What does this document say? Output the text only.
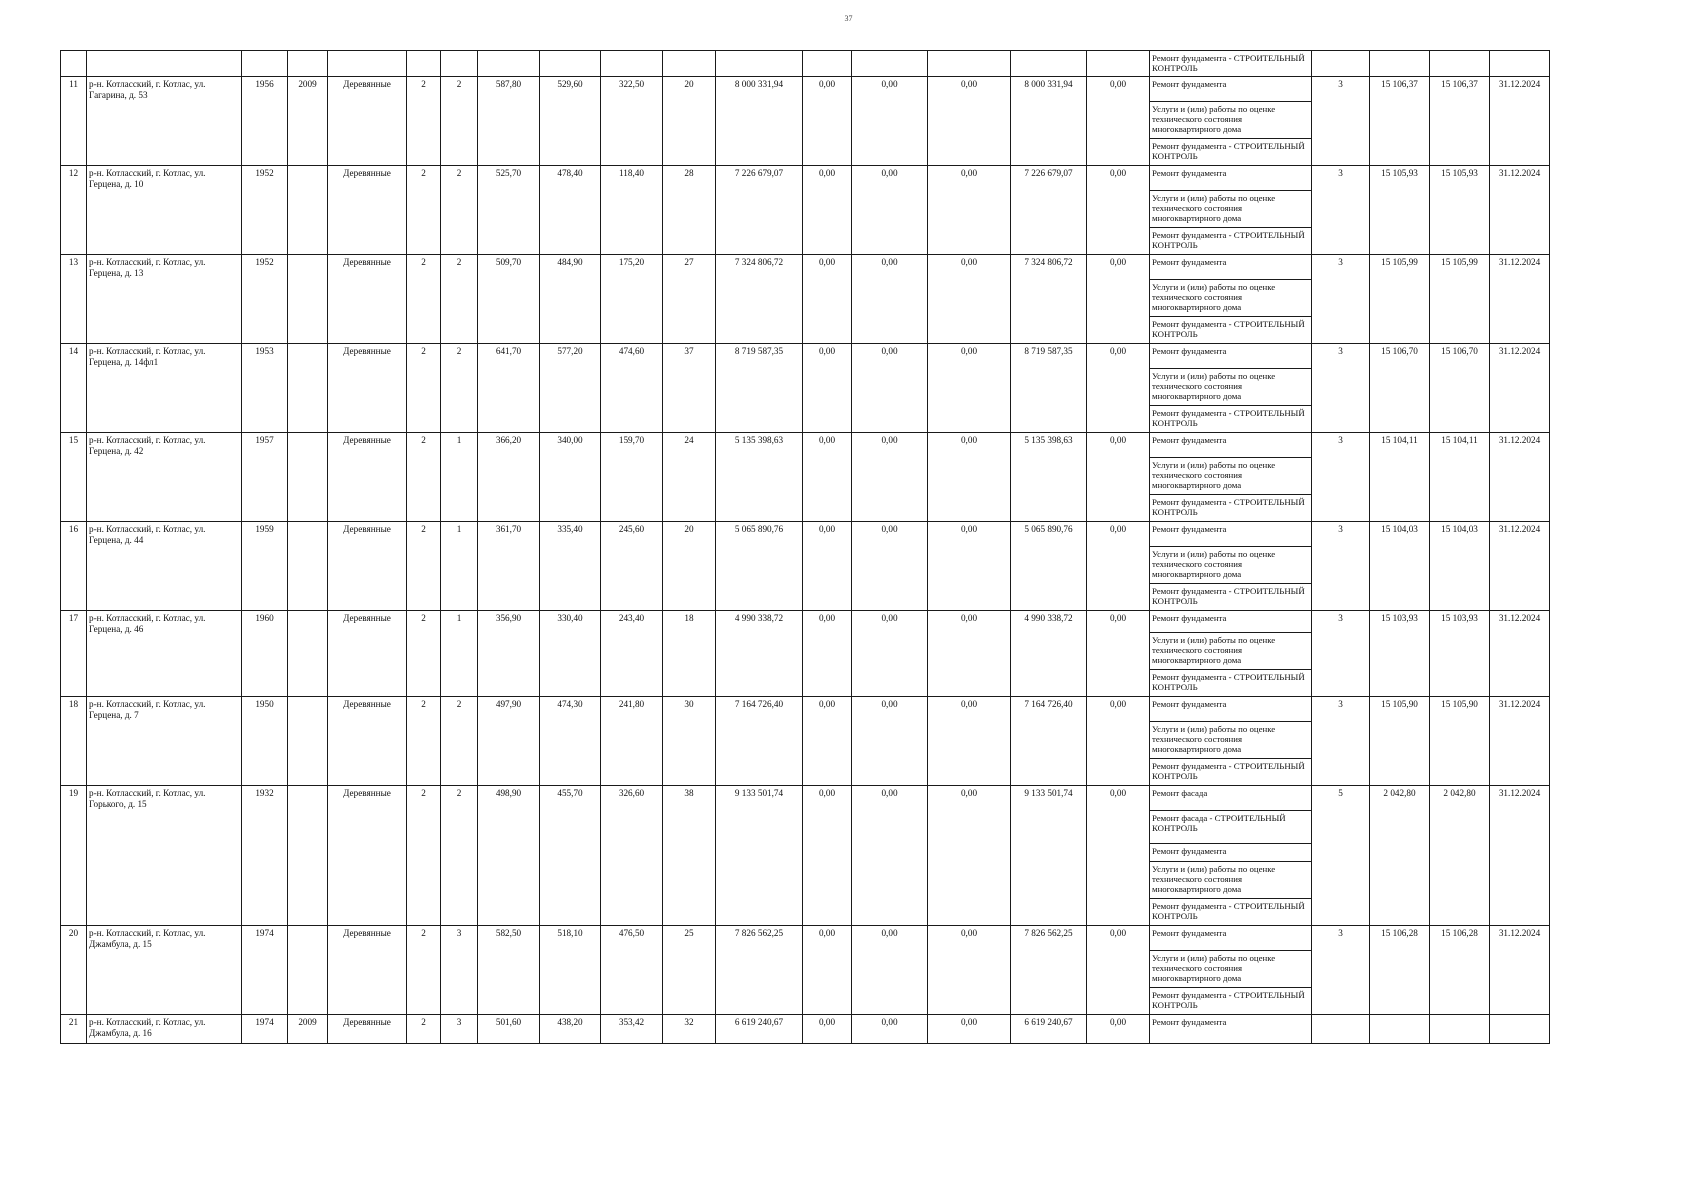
37
																	Ремонт фундамента - СТРОИТЕЛЬНЫЙ КОНТРОЛЬ				
11	р-н. Котласский, г. Котлас, ул. Гагарина, д. 53	1956	2009	Деревянные	2	2	587,80	529,60	322,50	20	8 000 331,94	0,00	0,00	0,00	8 000 331,94	0,00	Ремонт фундамента	3	15 106,37	15 106,37	31.12.2024
																	Услуги и (или) работы по оценке технического состояния многоквартирного дома				
																	Ремонт фундамента - СТРОИТЕЛЬНЫЙ КОНТРОЛЬ				
12	р-н. Котласский, г. Котлас, ул. Герцена, д. 10	1952		Деревянные	2	2	525,70	478,40	118,40	28	7 226 679,07	0,00	0,00	0,00	7 226 679,07	0,00	Ремонт фундамента	3	15 105,93	15 105,93	31.12.2024
																	Услуги и (или) работы по оценке технического состояния многоквартирного дома				
																	Ремонт фундамента - СТРОИТЕЛЬНЫЙ КОНТРОЛЬ				
13	р-н. Котласский, г. Котлас, ул. Герцена, д. 13	1952		Деревянные	2	2	509,70	484,90	175,20	27	7 324 806,72	0,00	0,00	0,00	7 324 806,72	0,00	Ремонт фундамента	3	15 105,99	15 105,99	31.12.2024
																	Услуги и (или) работы по оценке технического состояния многоквартирного дома				
																	Ремонт фундамента - СТРОИТЕЛЬНЫЙ КОНТРОЛЬ				
14	р-н. Котласский, г. Котлас, ул. Герцена, д. 14фл1	1953		Деревянные	2	2	641,70	577,20	474,60	37	8 719 587,35	0,00	0,00	0,00	8 719 587,35	0,00	Ремонт фундамента	3	15 106,70	15 106,70	31.12.2024
																	Услуги и (или) работы по оценке технического состояния многоквартирного дома				
																	Ремонт фундамента - СТРОИТЕЛЬНЫЙ КОНТРОЛЬ				
15	р-н. Котласский, г. Котлас, ул. Герцена, д. 42	1957		Деревянные	2	1	366,20	340,00	159,70	24	5 135 398,63	0,00	0,00	0,00	5 135 398,63	0,00	Ремонт фундамента	3	15 104,11	15 104,11	31.12.2024
																	Услуги и (или) работы по оценке технического состояния многоквартирного дома				
																	Ремонт фундамента - СТРОИТЕЛЬНЫЙ КОНТРОЛЬ				
16	р-н. Котласский, г. Котлас, ул. Герцена, д. 44	1959		Деревянные	2	1	361,70	335,40	245,60	20	5 065 890,76	0,00	0,00	0,00	5 065 890,76	0,00	Ремонт фундамента	3	15 104,03	15 104,03	31.12.2024
																	Услуги и (или) работы по оценке технического состояния многоквартирного дома				
																	Ремонт фундамента - СТРОИТЕЛЬНЫЙ КОНТРОЛЬ				
17	р-н. Котласский, г. Котлас, ул. Герцена, д. 46	1960		Деревянные	2	1	356,90	330,40	243,40	18	4 990 338,72	0,00	0,00	0,00	4 990 338,72	0,00	Ремонт фундамента	3	15 103,93	15 103,93	31.12.2024
																	Услуги и (или) работы по оценке технического состояния многоквартирного дома				
																	Ремонт фундамента - СТРОИТЕЛЬНЫЙ КОНТРОЛЬ				
18	р-н. Котласский, г. Котлас, ул. Герцена, д. 7	1950		Деревянные	2	2	497,90	474,30	241,80	30	7 164 726,40	0,00	0,00	0,00	7 164 726,40	0,00	Ремонт фундамента	3	15 105,90	15 105,90	31.12.2024
																	Услуги и (или) работы по оценке технического состояния многоквартирного дома				
																	Ремонт фундамента - СТРОИТЕЛЬНЫЙ КОНТРОЛЬ				
19	р-н. Котласский, г. Котлас, ул. Горького, д. 15	1932		Деревянные	2	2	498,90	455,70	326,60	38	9 133 501,74	0,00	0,00	0,00	9 133 501,74	0,00	Ремонт фасада	5	2 042,80	2 042,80	31.12.2024
																	Ремонт фасада - СТРОИТЕЛЬНЫЙ КОНТРОЛЬ				
																	Ремонт фундамента				
																	Услуги и (или) работы по оценке технического состояния многоквартирного дома				
																	Ремонт фундамента - СТРОИТЕЛЬНЫЙ КОНТРОЛЬ				
20	р-н. Котласский, г. Котлас, ул. Джамбула, д. 15	1974		Деревянные	2	3	582,50	518,10	476,50	25	7 826 562,25	0,00	0,00	0,00	7 826 562,25	0,00	Ремонт фундамента	3	15 106,28	15 106,28	31.12.2024
																	Услуги и (или) работы по оценке технического состояния многоквартирного дома				
																	Ремонт фундамента - СТРОИТЕЛЬНЫЙ КОНТРОЛЬ				
21	р-н. Котласский, г. Котлас, ул. Джамбула, д. 16	1974	2009	Деревянные	2	3	501,60	438,20	353,42	32	6 619 240,67	0,00	0,00	0,00	6 619 240,67	0,00	Ремонт фундамента				
